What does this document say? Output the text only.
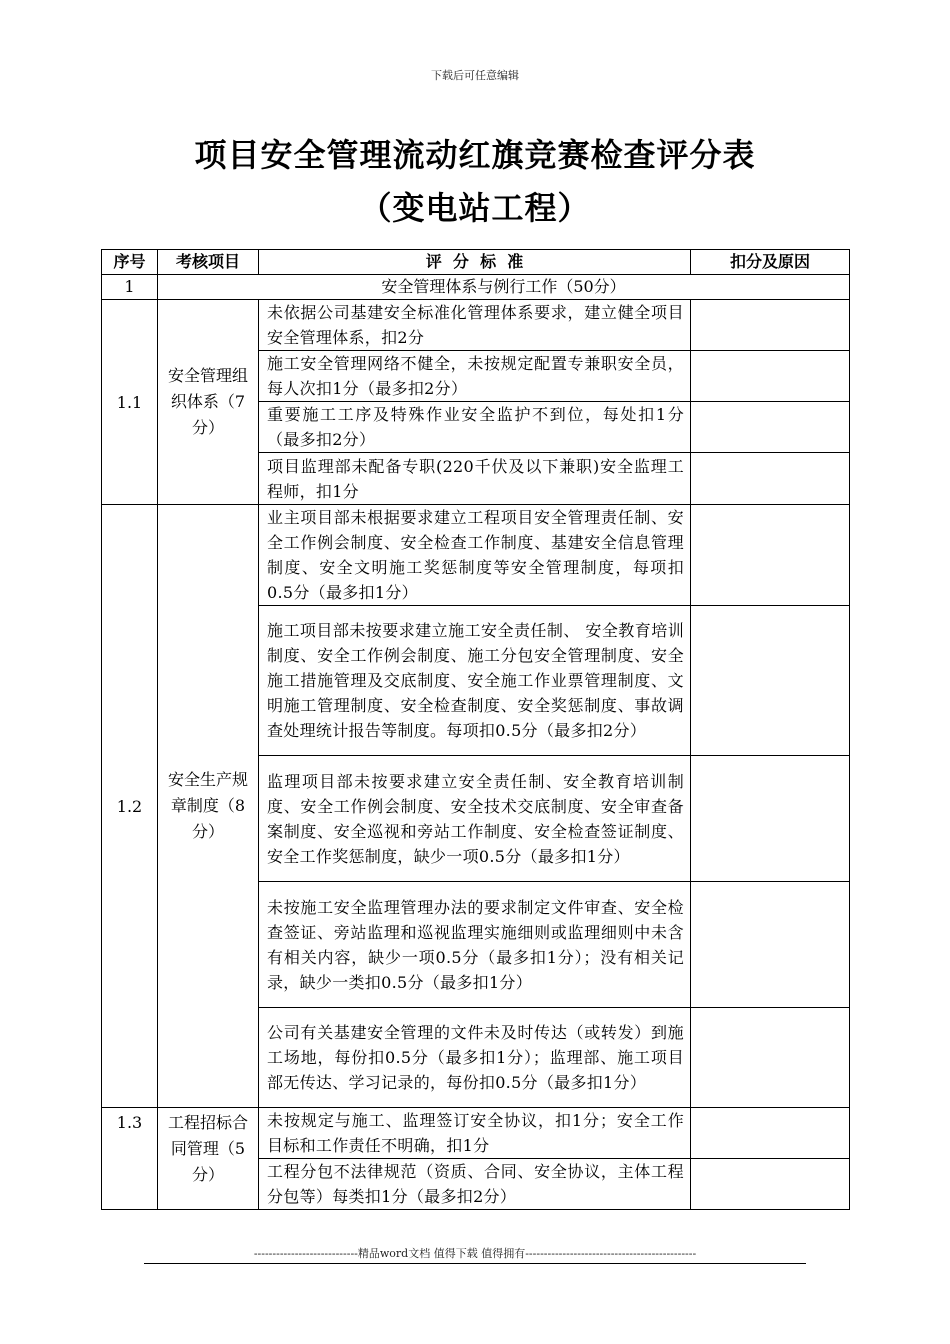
下载后可任意编辑
项目安全管理流动红旗竞赛检查评分表
（变电站工程）
序号	考核项目	评  分  标  准	扣分及原因
1	安全管理体系与例行工作（50分）		
1.1	安全管理组织体系（7分）	未依据公司基建安全标准化管理体系要求，建立健全项目安全管理体系，扣2分	
		施工安全管理网络不健全，未按规定配置专兼职安全员，每人次扣1分（最多扣2分）	
		重要施工工序及特殊作业安全监护不到位，每处扣1分（最多扣2分）	
		项目监理部未配备专职(220千伏及以下兼职)安全监理工程师，扣1分	
1.2	安全生产规章制度（8分）	业主项目部未根据要求建立工程项目安全管理责任制、安全工作例会制度、安全检查工作制度、基建安全信息管理制度、安全文明施工奖惩制度等安全管理制度，每项扣0.5分（最多扣1分）	
		施工项目部未按要求建立施工安全责任制、 安全教育培训制度、安全工作例会制度、施工分包安全管理制度、安全施工措施管理及交底制度、安全施工作业票管理制度、文明施工管理制度、安全检查制度、安全奖惩制度、事故调查处理统计报告等制度。每项扣0.5分（最多扣2分）	
		监理项目部未按要求建立安全责任制、安全教育培训制度、安全工作例会制度、安全技术交底制度、安全审查备案制度、安全巡视和旁站工作制度、安全检查签证制度、安全工作奖惩制度，缺少一项0.5分（最多扣1分）	
		未按施工安全监理管理办法的要求制定文件审查、安全检查签证、旁站监理和巡视监理实施细则或监理细则中未含有相关内容，缺少一项0.5分（最多扣1分）；没有相关记录，缺少一类扣0.5分（最多扣1分）	
		公司有关基建安全管理的文件未及时传达（或转发）到施工场地，每份扣0.5分（最多扣1分）；监理部、施工项目部无传达、学习记录的，每份扣0.5分（最多扣1分）	
1.3	工程招标合同管理（5分）	未按规定与施工、监理签订安全协议，扣1分；安全工作目标和工作责任不明确，扣1分	
		工程分包不法律规范（资质、合同、安全协议，主体工程分包等）每类扣1分（最多扣2分）	
----------------------------精品word文档 值得下载 值得拥有----------------------------------------------
